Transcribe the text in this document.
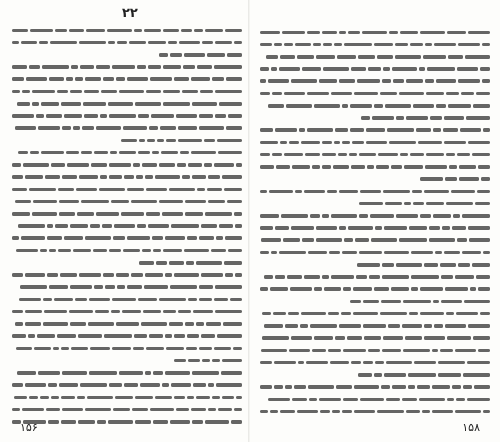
۲۲
۱۵۶	۱۵۸
